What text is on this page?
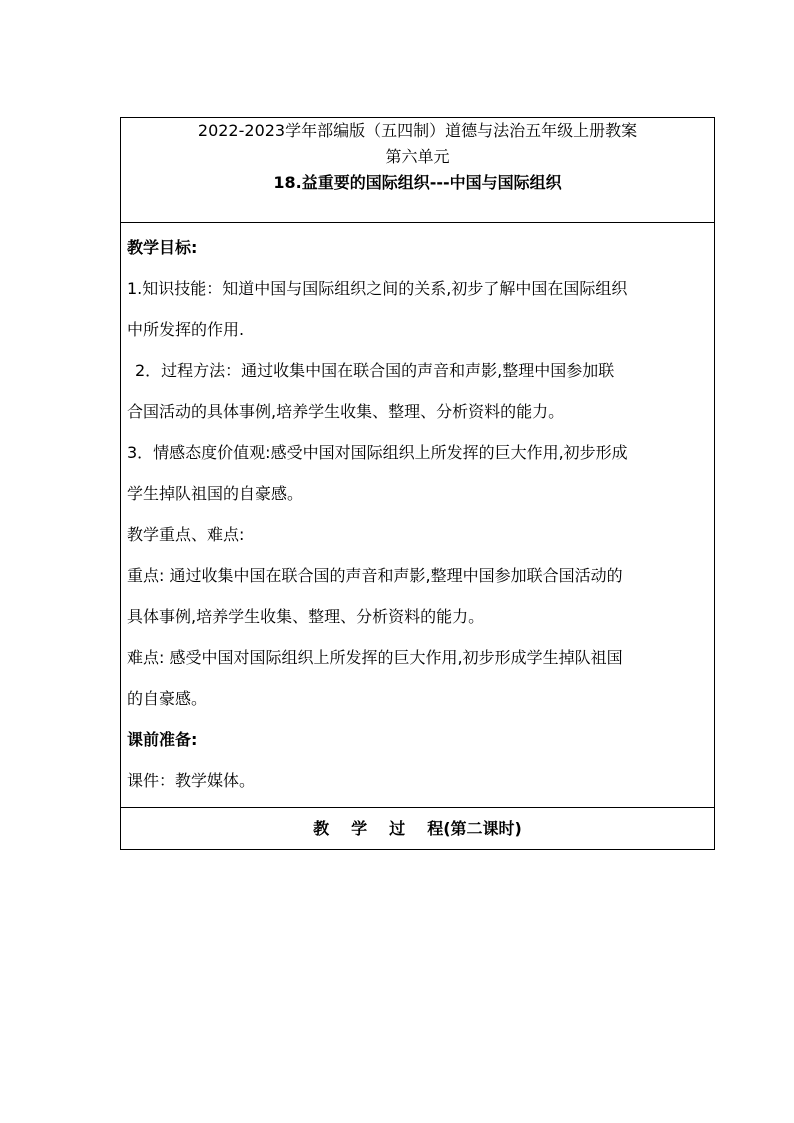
2022-2023学年部编版（五四制）道德与法治五年级上册教案
第六单元
18.益重要的国际组织---中国与国际组织

教学目标:
1.知识技能：知道中国与国际组织之间的关系,初步了解中国在国际组织
中所发挥的作用.
2．过程方法：通过收集中国在联合国的声音和声影,整理中国参加联
合国活动的具体事例,培养学生收集、整理、分析资料的能力。
3．情感态度价值观:感受中国对国际组织上所发挥的巨大作用,初步形成
学生掉队祖国的自豪感。
教学重点、难点:
重点: 通过收集中国在联合国的声音和声影,整理中国参加联合国活动的
具体事例,培养学生收集、整理、分析资料的能力。
难点: 感受中国对国际组织上所发挥的巨大作用,初步形成学生掉队祖国
的自豪感。
课前准备:
课件：教学媒体。

教 学 过 程(第二课时)
